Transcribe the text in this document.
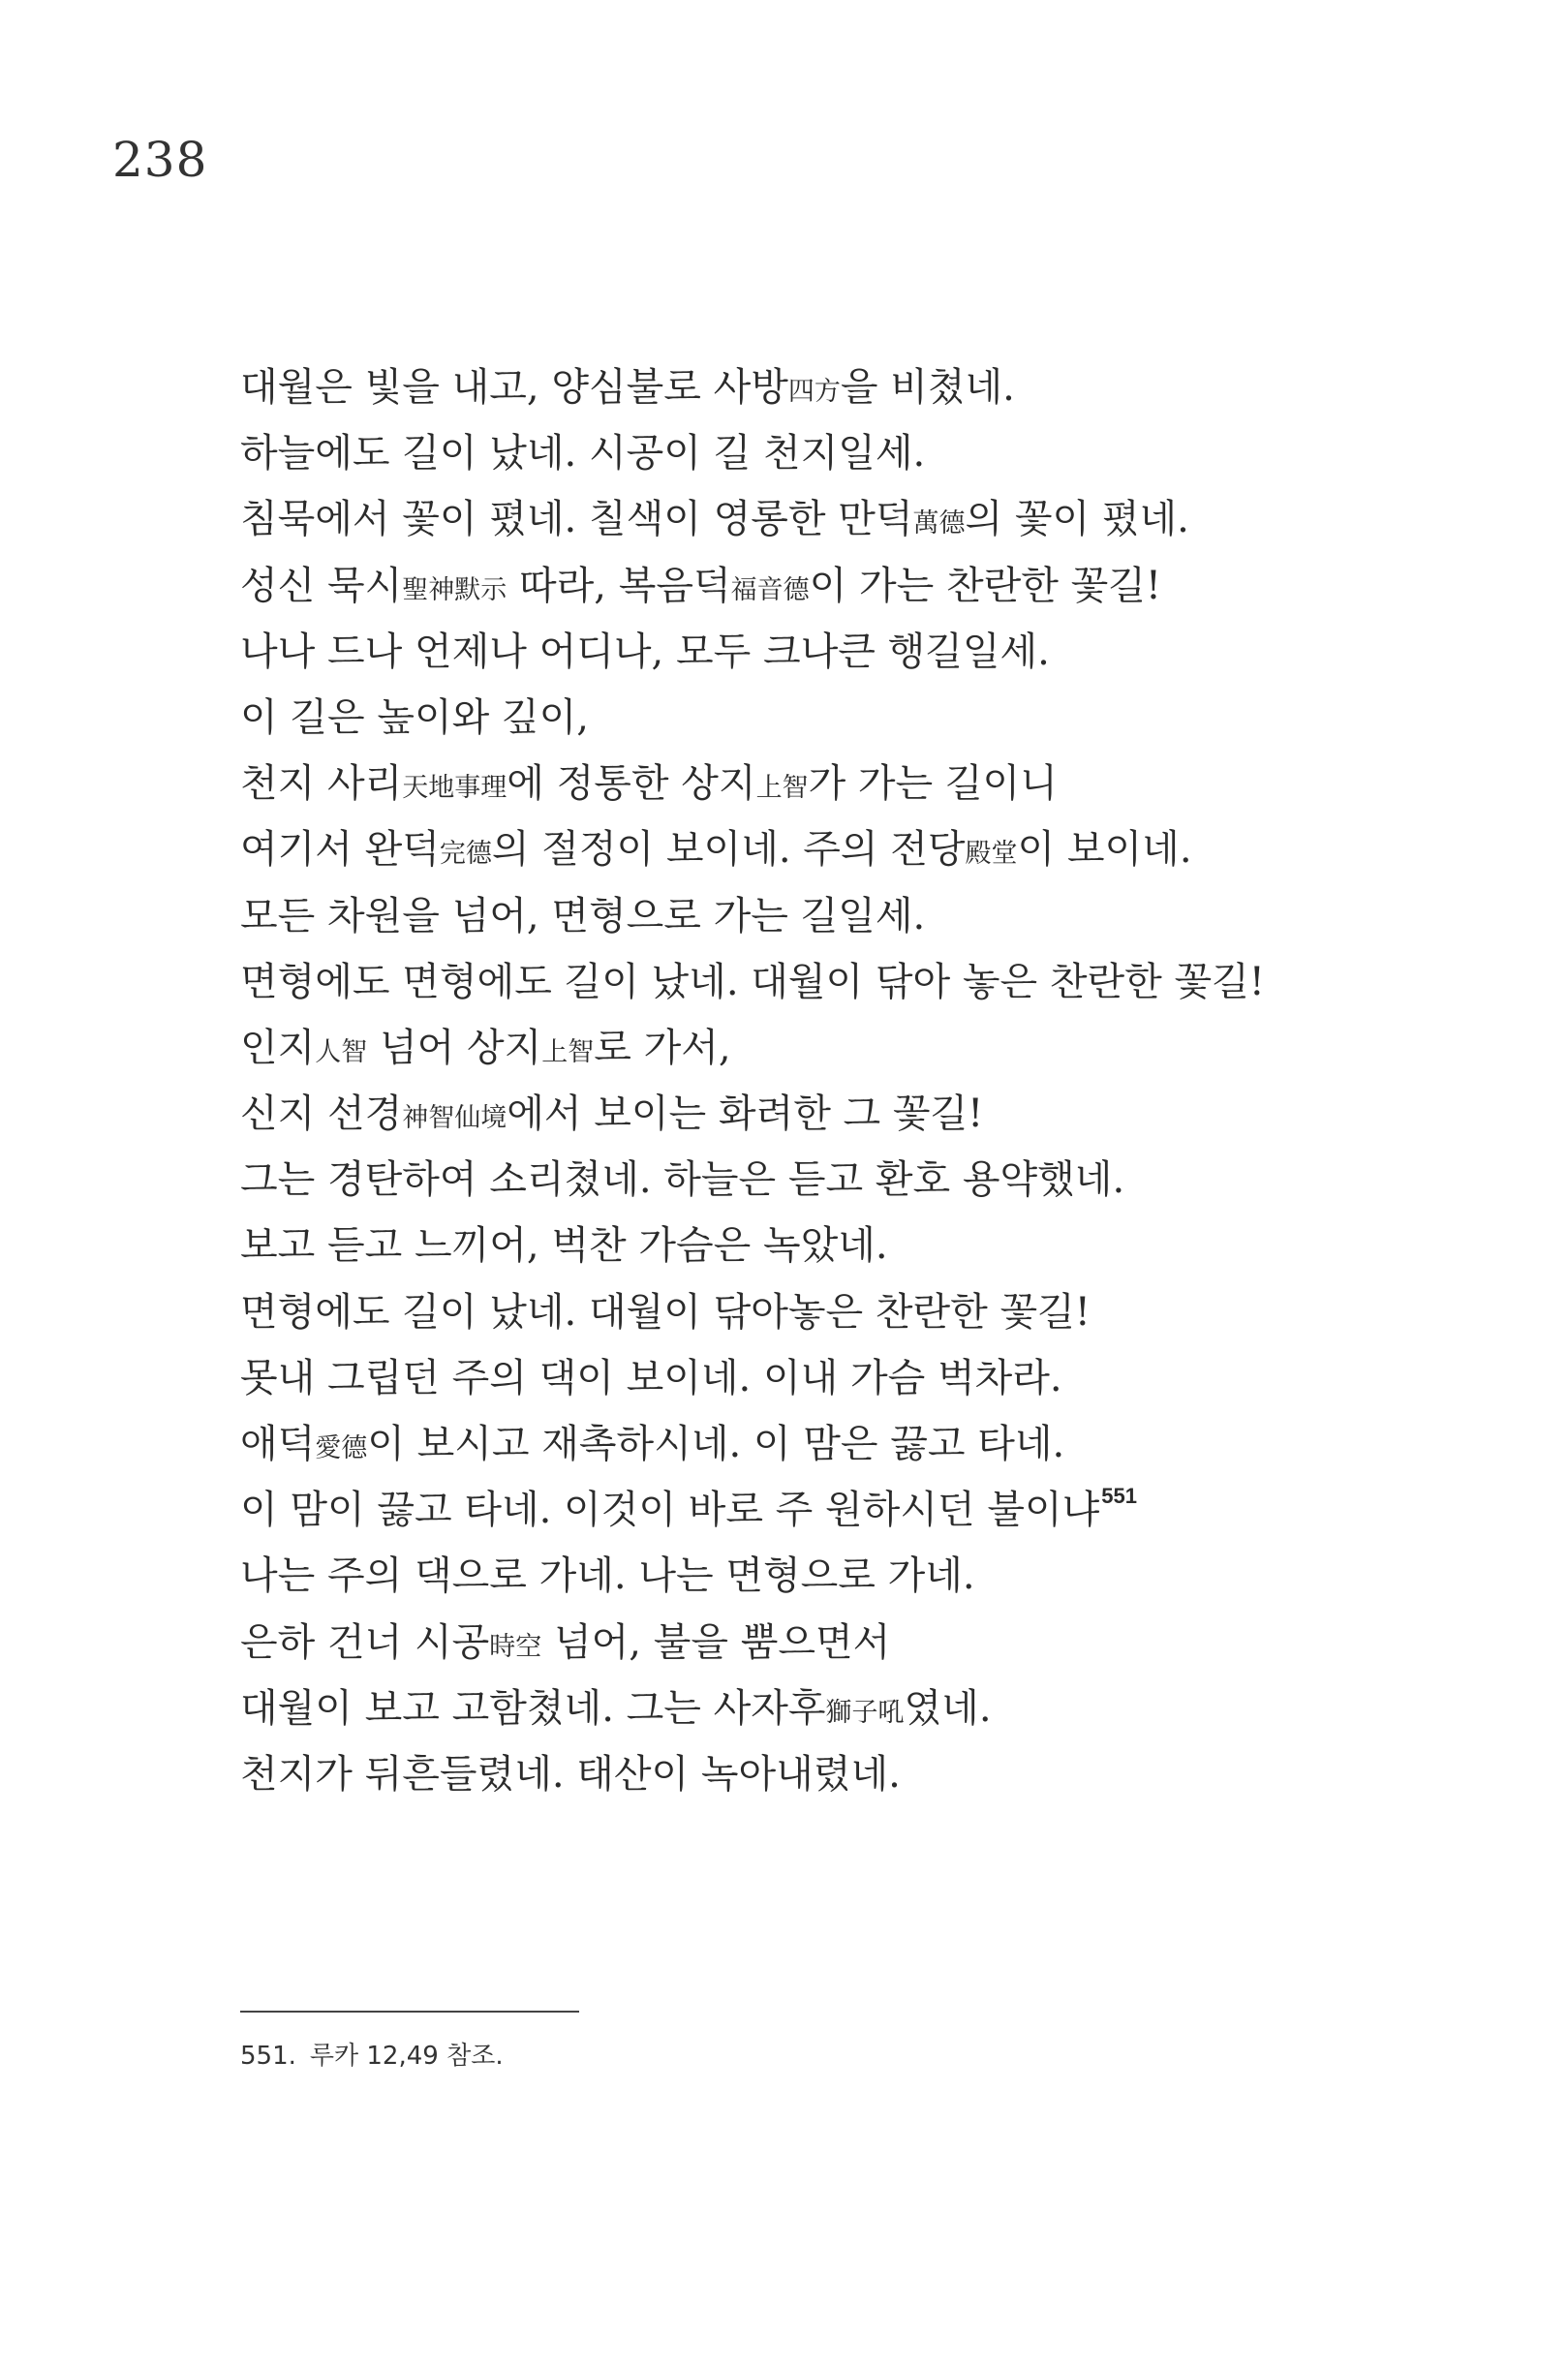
238
대월은 빛을 내고, 양심불로 사방四方을 비쳤네.
하늘에도 길이 났네. 시공이 길 천지일세.
침묵에서 꽃이 폈네. 칠색이 영롱한 만덕萬德의 꽃이 폈네.
성신 묵시聖神默示 따라, 복음덕福音德이 가는 찬란한 꽃길!
나나 드나 언제나 어디나, 모두 크나큰 행길일세.
이 길은 높이와 깊이,
천지 사리天地事理에 정통한 상지上智가 가는 길이니
여기서 완덕完德의 절정이 보이네. 주의 전당殿堂이 보이네.
모든 차원을 넘어, 면형으로 가는 길일세.
면형에도 면형에도 길이 났네. 대월이 닦아 놓은 찬란한 꽃길!
인지人智 넘어 상지上智로 가서,
신지 선경神智仙境에서 보이는 화려한 그 꽃길!
그는 경탄하여 소리쳤네. 하늘은 듣고 환호 용약했네.
보고 듣고 느끼어, 벅찬 가슴은 녹았네.
면형에도 길이 났네. 대월이 닦아놓은 찬란한 꽃길!
못내 그립던 주의 댁이 보이네. 이내 가슴 벅차라.
애덕愛德이 보시고 재촉하시네. 이 맘은 끓고 타네.
이 맘이 끓고 타네. 이것이 바로 주 원하시던 불이냐$^{551}$
나는 주의 댁으로 가네. 나는 면형으로 가네.
은하 건너 시공時空 넘어, 불을 뿜으면서
대월이 보고 고함쳤네. 그는 사자후獅子吼였네.
천지가 뒤흔들렸네. 태산이 녹아내렸네.
551. 루카 12,49 참조.
